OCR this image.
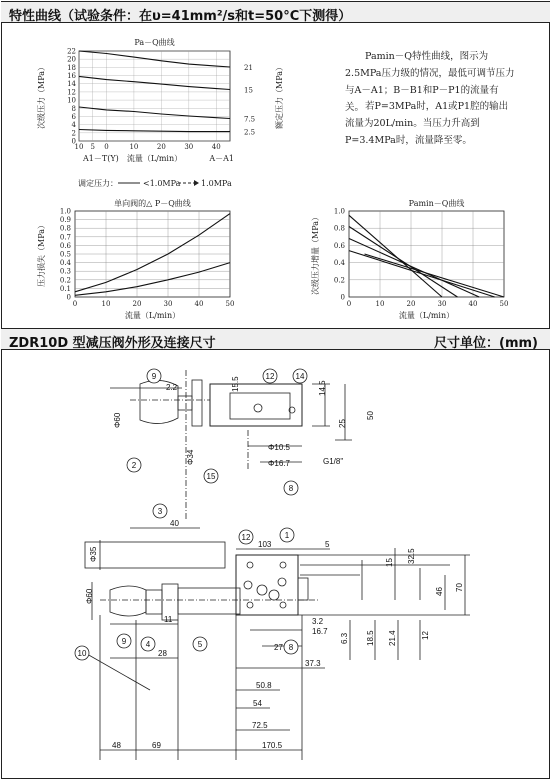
特性曲线（试验条件：在υ=41mm²/s和t=50°C下测得）
ZDR10D 型减压阀外形及连接尺寸	尺寸单位：(mm)
Pamin－Q特性曲线，图示为2.5MPa压力级的情况，最低可调节压力与A－A1；B－B1和P－P1的流量有关。 若P=3MPa时，A1或P1腔的输出流量为20L/min。当压力升高到P=3.4MPa时，流量降至零。
0
2
4
6
8
10
12
14
16
18
20
22
10 5 0	10	20	30	40
21
15
7.5
2.5
Pa－Q曲线
流量（L/min）
A1－T(Y)	A－A1
次级压力（MPa）	额定压力（MPa）
0
0.1
0.2
0.3
0.4
0.5
0.6
0.7
0.8
0.9
1.0
0	10	20	30	40	50
单向阀的△ P－Q曲线
流量（L/min）
压力损失（MPa）
0
0.2
0.4
0.6
0.8
1.0
0	10	20	30	40	50
Pamin－Q曲线
流量（L/min）
次级压力增量（MPa）
调定压力：	<1.0MPa	1.0MPa
9
2
12	14
15
8
3
12	1
9 4	5	8
10
2.2	14.5
15.5
50
25
Φ10.5
Φ16.7	G1/8"
Φ60
Φ34
40
Φ35
103	5
32.5
15
46 70
12
21.4
18.5
6.3
3.2
16.7
27
37.3
50.8
54
72.5
11
28
48	69	170.5
Φ60
